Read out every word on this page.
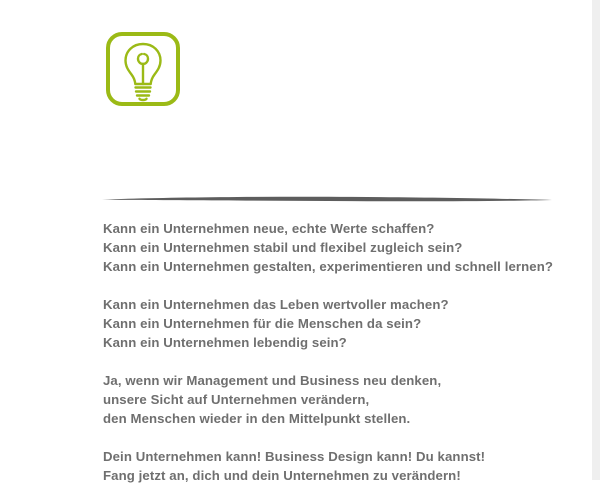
Kann ein Unternehmen neue, echte Werte schaffen?
Kann ein Unternehmen stabil und flexibel zugleich sein?
Kann ein Unternehmen gestalten, experimentieren und schnell lernen?

Kann ein Unternehmen das Leben wertvoller machen?
Kann ein Unternehmen für die Menschen da sein?
Kann ein Unternehmen lebendig sein?

Ja, wenn wir Management und Business neu denken,
unsere Sicht auf Unternehmen verändern,
den Menschen wieder in den Mittelpunkt stellen.

Dein Unternehmen kann! Business Design kann! Du kannst!
Fang jetzt an, dich und dein Unternehmen zu verändern!
